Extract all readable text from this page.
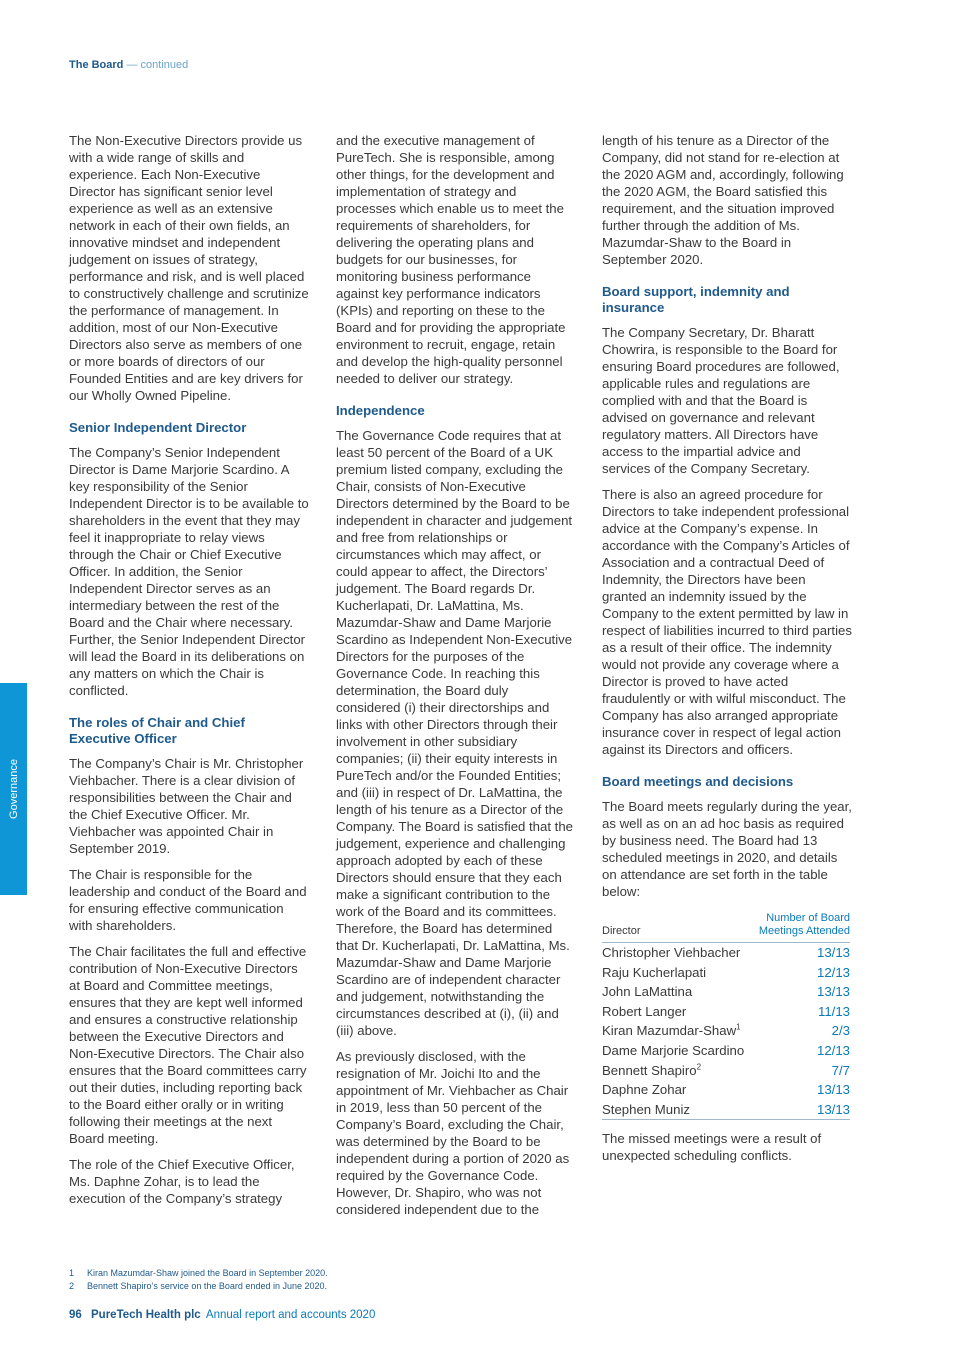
The Board — continued
Governance

The Non-Executive Directors provide us with a wide range of skills and experience. Each Non-Executive Director has significant senior level experience as well as an extensive network in each of their own fields, an innovative mindset and independent judgement on issues of strategy, performance and risk, and is well placed to constructively challenge and scrutinize the performance of management. In addition, most of our Non-Executive Directors also serve as members of one or more boards of directors of our Founded Entities and are key drivers for our Wholly Owned Pipeline.

Senior Independent Director

The Company’s Senior Independent Director is Dame Marjorie Scardino. A key responsibility of the Senior Independent Director is to be available to shareholders in the event that they may feel it inappropriate to relay views through the Chair or Chief Executive Officer. In addition, the Senior Independent Director serves as an intermediary between the rest of the Board and the Chair where necessary. Further, the Senior Independent Director will lead the Board in its deliberations on any matters on which the Chair is conflicted.

The roles of Chair and Chief Executive Officer

The Company’s Chair is Mr. Christopher Viehbacher. There is a clear division of responsibilities between the Chair and the Chief Executive Officer. Mr. Viehbacher was appointed Chair in September 2019.

The Chair is responsible for the leadership and conduct of the Board and for ensuring effective communication with shareholders.

The Chair facilitates the full and effective contribution of Non-Executive Directors at Board and Committee meetings, ensures that they are kept well informed and ensures a constructive relationship between the Executive Directors and Non-Executive Directors. The Chair also ensures that the Board committees carry out their duties, including reporting back to the Board either orally or in writing following their meetings at the next Board meeting.

The role of the Chief Executive Officer, Ms. Daphne Zohar, is to lead the execution of the Company’s strategy

and the executive management of PureTech. She is responsible, among other things, for the development and implementation of strategy and processes which enable us to meet the requirements of shareholders, for delivering the operating plans and budgets for our businesses, for monitoring business performance against key performance indicators (KPIs) and reporting on these to the Board and for providing the appropriate environment to recruit, engage, retain and develop the high-quality personnel needed to deliver our strategy.

Independence

The Governance Code requires that at least 50 percent of the Board of a UK premium listed company, excluding the Chair, consists of Non-Executive Directors determined by the Board to be independent in character and judgement and free from relationships or circumstances which may affect, or could appear to affect, the Directors’ judgement. The Board regards Dr. Kucherlapati, Dr. LaMattina, Ms. Mazumdar-Shaw and Dame Marjorie Scardino as Independent Non-Executive Directors for the purposes of the Governance Code. In reaching this determination, the Board duly considered (i) their directorships and links with other Directors through their involvement in other subsidiary companies; (ii) their equity interests in PureTech and/or the Founded Entities; and (iii) in respect of Dr. LaMattina, the length of his tenure as a Director of the Company. The Board is satisfied that the judgement, experience and challenging approach adopted by each of these Directors should ensure that they each make a significant contribution to the work of the Board and its committees. Therefore, the Board has determined that Dr. Kucherlapati, Dr. LaMattina, Ms. Mazumdar-Shaw and Dame Marjorie Scardino are of independent character and judgement, notwithstanding the circumstances described at (i), (ii) and (iii) above.

As previously disclosed, with the resignation of Mr. Joichi Ito and the appointment of Mr. Viehbacher as Chair in 2019, less than 50 percent of the Company’s Board, excluding the Chair, was determined by the Board to be independent during a portion of 2020 as required by the Governance Code. However, Dr. Shapiro, who was not considered independent due to the

length of his tenure as a Director of the Company, did not stand for re-election at the 2020 AGM and, accordingly, following the 2020 AGM, the Board satisfied this requirement, and the situation improved further through the addition of Ms. Mazumdar-Shaw to the Board in September 2020.

Board support, indemnity and insurance

The Company Secretary, Dr. Bharatt Chowrira, is responsible to the Board for ensuring Board procedures are followed, applicable rules and regulations are complied with and that the Board is advised on governance and relevant regulatory matters. All Directors have access to the impartial advice and services of the Company Secretary.

There is also an agreed procedure for Directors to take independent professional advice at the Company’s expense. In accordance with the Company’s Articles of Association and a contractual Deed of Indemnity, the Directors have been granted an indemnity issued by the Company to the extent permitted by law in respect of liabilities incurred to third parties as a result of their office. The indemnity would not provide any coverage where a Director is proved to have acted fraudulently or with wilful misconduct. The Company has also arranged appropriate insurance cover in respect of legal action against its Directors and officers.

Board meetings and decisions

The Board meets regularly during the year, as well as on an ad hoc basis as required by business need. The Board had 13 scheduled meetings in 2020, and details on attendance are set forth in the table below:

Director	Number of Board Meetings Attended
Christopher Viehbacher	13/13
Raju Kucherlapati	12/13
John LaMattina	13/13
Robert Langer	11/13
Kiran Mazumdar-Shaw$^1$	2/3
Dame Marjorie Scardino	12/13
Bennett Shapiro$^2$	7/7
Daphne Zohar	13/13
Stephen Muniz	13/13

The missed meetings were a result of unexpected scheduling conflicts.

1 Kiran Mazumdar-Shaw joined the Board in September 2020.
2 Bennett Shapiro’s service on the Board ended in June 2020.
96 PureTech Health plc Annual report and accounts 2020
